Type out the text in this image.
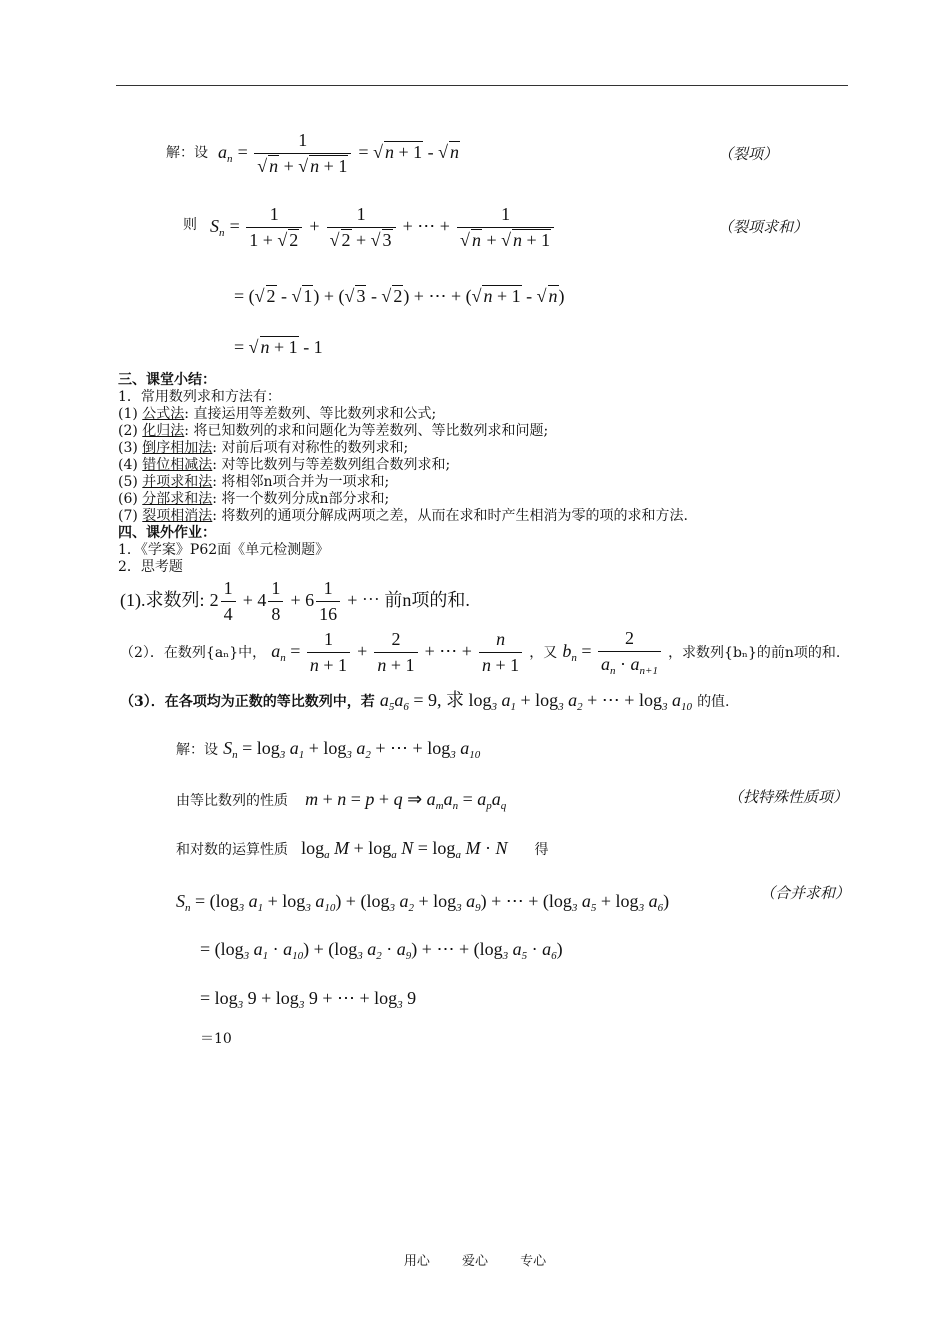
解：设 $a_n = \frac{1}{√ n + √ n + 1}$ = √ n + 1 - √ n	（裂项）
则 $S_n = \frac{1}{1 + √ 2} + \frac{1}{√ 2 + √ 3}$ + ⋯ + $\frac{1}{√ n + √ n + 1}$	（裂项求和）
= (√ 2 - √ 1) + (√ 3 - √ 2) + ⋯ + (√ n + 1 - √ n)
= √ n + 1 - 1
三、课堂小结：
1．常用数列求和方法有：
(1) 公式法: 直接运用等差数列、等比数列求和公式;
(2) 化归法: 将已知数列的求和问题化为等差数列、等比数列求和问题;
(3) 倒序相加法: 对前后项有对称性的数列求和;
(4) 错位相减法: 对等比数列与等差数列组合数列求和;
(5) 并项求和法: 将相邻n项合并为一项求和;
(6) 分部求和法: 将一个数列分成n部分求和;
(7) 裂项相消法: 将数列的通项分解成两项之差，从而在求和时产生相消为零的项的求和方法.
四、课外作业：
1．《学案》P62面《单元检测题》
2．思考题
(1).求数列: $2 \frac{1}{4} + 4 \frac{1}{8} + 6 \frac{1}{16}$ + ⋯ 前n项的和.
（2）．在数列{aₙ}中， $a_n = \frac{1}{n + 1} + \frac{2}{n + 1}$ + ⋯ + $\frac{n}{n + 1}$ ，又 $b_n = \frac{2}{a_n \cdot a_{n+1}}$ ，求数列{bₙ}的前n项的和.
（3）．在各项均为正数的等比数列中，若 $a_5a_6 = 9$, 求 $\log_3 a_1 + \log_3 a_2$ + ⋯ + $\log_3 a_{10}$ 的值.
解：设 $S_n = \log_3 a_1 + \log_3 a_2$ + ⋯ + $\log_3 a_{10}$
由等比数列的性质 m + n = p + q ⇒ $a_ma_n = a_pa_q$	（找特殊性质项）
和对数的运算性质 $\log_a M + \log_a N = \log_a M \cdot N$ 得
$S_n = (\log_3$ $a_1 + \log_3 a_{10}) + (\log_3$ $a_2 + \log_3 a_9$) + ⋯ + ($\log_3$ $a_5 + \log_3 a_6$)	（合并求和）
= ($\log_3$ $a_1 \cdot a_{10}) + (\log_3$ $a_2 \cdot a_9$) + ⋯ + ($\log_3$ $a_5 \cdot a_6$)
= $\log_3 9 + \log_3 9$ + ⋯ + $\log_3 9$
＝10
用心 爱心 专心
